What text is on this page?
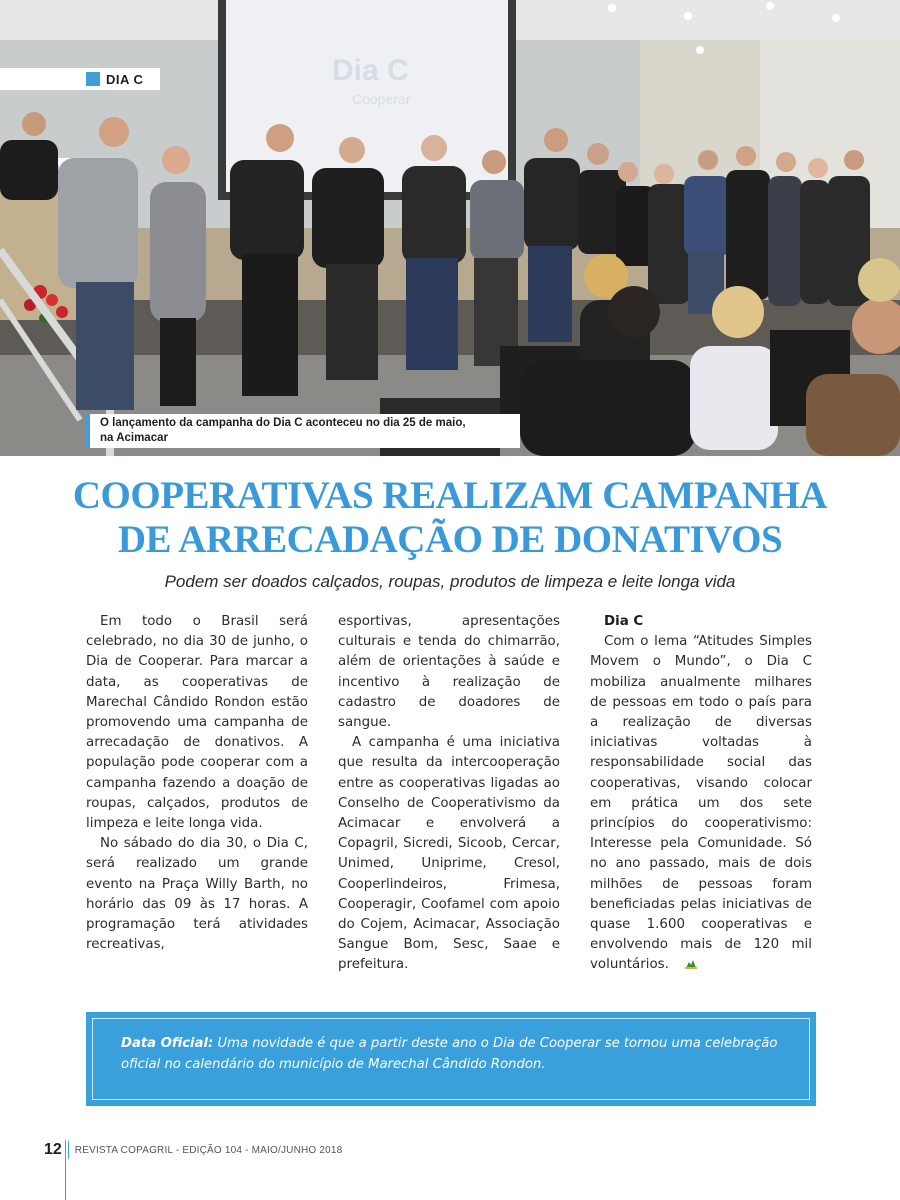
Dia C
Cooperar
DIA C
O lançamento da campanha do Dia C aconteceu no dia 25 de maio,
na Acimacar
COOPERATIVAS REALIZAM CAMPANHA
DE ARRECADAÇÃO DE DONATIVOS
Podem ser doados calçados, roupas, produtos de limpeza e leite longa vida

Em todo o Brasil será celebrado, no dia 30 de junho, o Dia de Cooperar. Para marcar a data, as cooperativas de Marechal Cândido Rondon estão promovendo uma campanha de arrecadação de donativos. A população pode cooperar com a campanha fazendo a doação de roupas, calçados, produtos de limpeza e leite longa vida.

No sábado do dia 30, o Dia C, será realizado um grande evento na Praça Willy Barth, no horário das 09 às 17 horas. A programação terá atividades recreativas,

esportivas, apresentações culturais e tenda do chimarrão, além de orientações à saúde e incentivo à realização de cadastro de doadores de sangue.

A campanha é uma iniciativa que resulta da intercooperação entre as cooperativas ligadas ao Conselho de Cooperativismo da Acimacar e envolverá a Copagril, Sicredi, Sicoob, Cercar, Unimed, Uniprime, Cresol, Cooperlindeiros, Frimesa, Cooperagir, Coofamel com apoio do Cojem, Acimacar, Associação Sangue Bom, Sesc, Saae e prefeitura.

Dia C

Com o lema “Atitudes Simples Movem o Mundo”, o Dia C mobiliza anualmente milhares de pessoas em todo o país para a realização de diversas iniciativas voltadas à responsabilidade social das cooperativas, visando colocar em prática um dos sete princípios do cooperativismo: Interesse pela Comunidade. Só no ano passado, mais de dois milhões de pessoas foram beneficiadas pelas iniciativas de quase 1.600 cooperativas e envolvendo mais de 120 mil voluntários.

Data Oficial: Uma novidade é que a partir deste ano o Dia de Cooperar se tornou uma celebração oficial no calendário do município de Marechal Cândido Rondon.
12	REVISTA COPAGRIL - EDIÇÃO 104 - MAIO/JUNHO 2018
